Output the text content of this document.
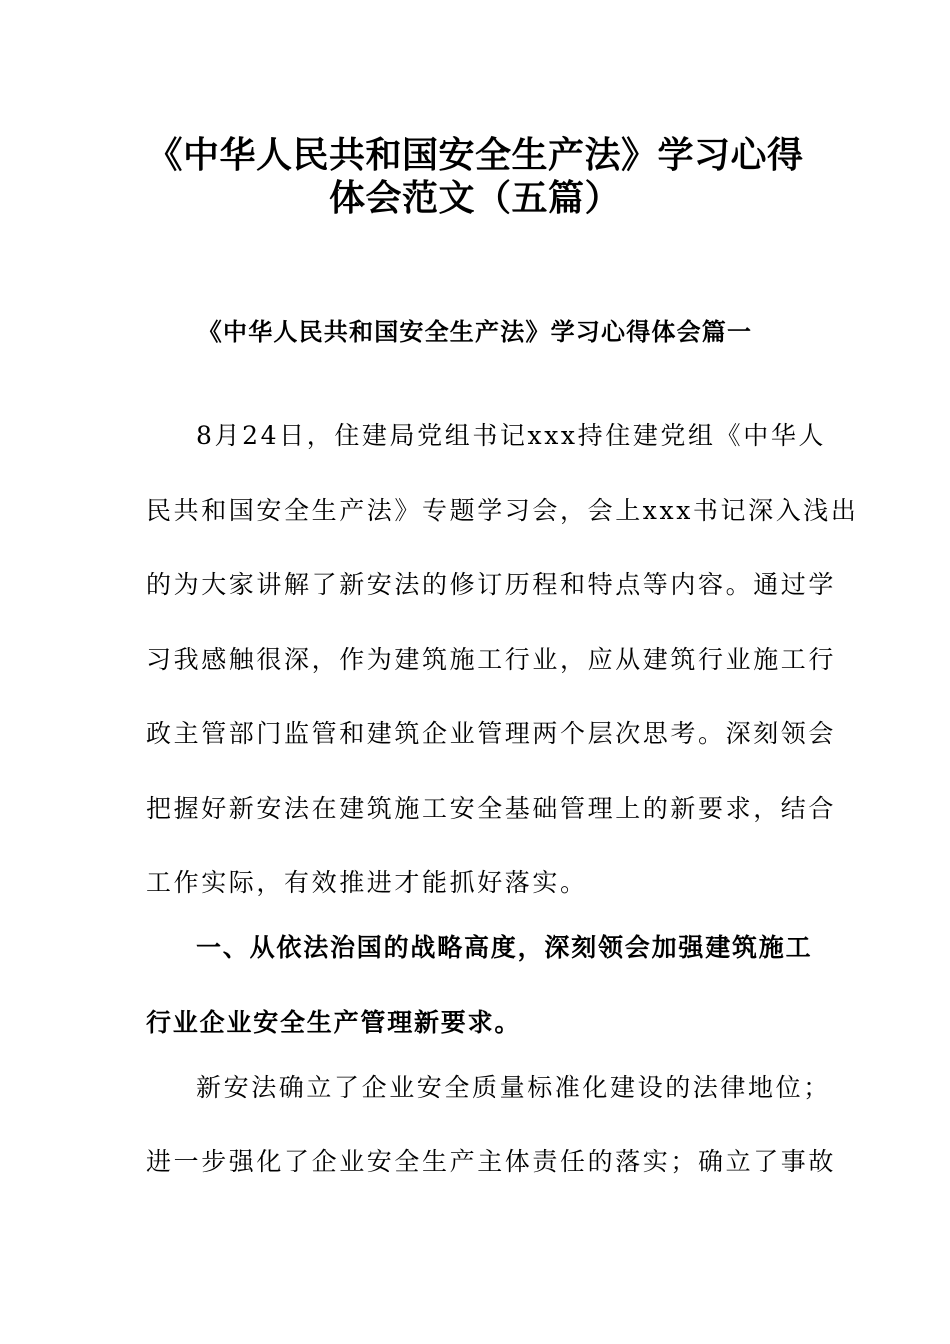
《中华人民共和国安全生产法》学习心得
体会范文（五篇）
《中华人民共和国安全生产法》学习心得体会篇一
8月24日，住建局党组书记xxx持住建党组《中华人
民共和国安全生产法》专题学习会，会上xxx书记深入浅出
的为大家讲解了新安法的修订历程和特点等内容。通过学
习我感触很深，作为建筑施工行业，应从建筑行业施工行
政主管部门监管和建筑企业管理两个层次思考。深刻领会
把握好新安法在建筑施工安全基础管理上的新要求，结合
工作实际，有效推进才能抓好落实。
一、从依法治国的战略高度，深刻领会加强建筑施工
行业企业安全生产管理新要求。
新安法确立了企业安全质量标准化建设的法律地位；
进一步强化了企业安全生产主体责任的落实；确立了事故
